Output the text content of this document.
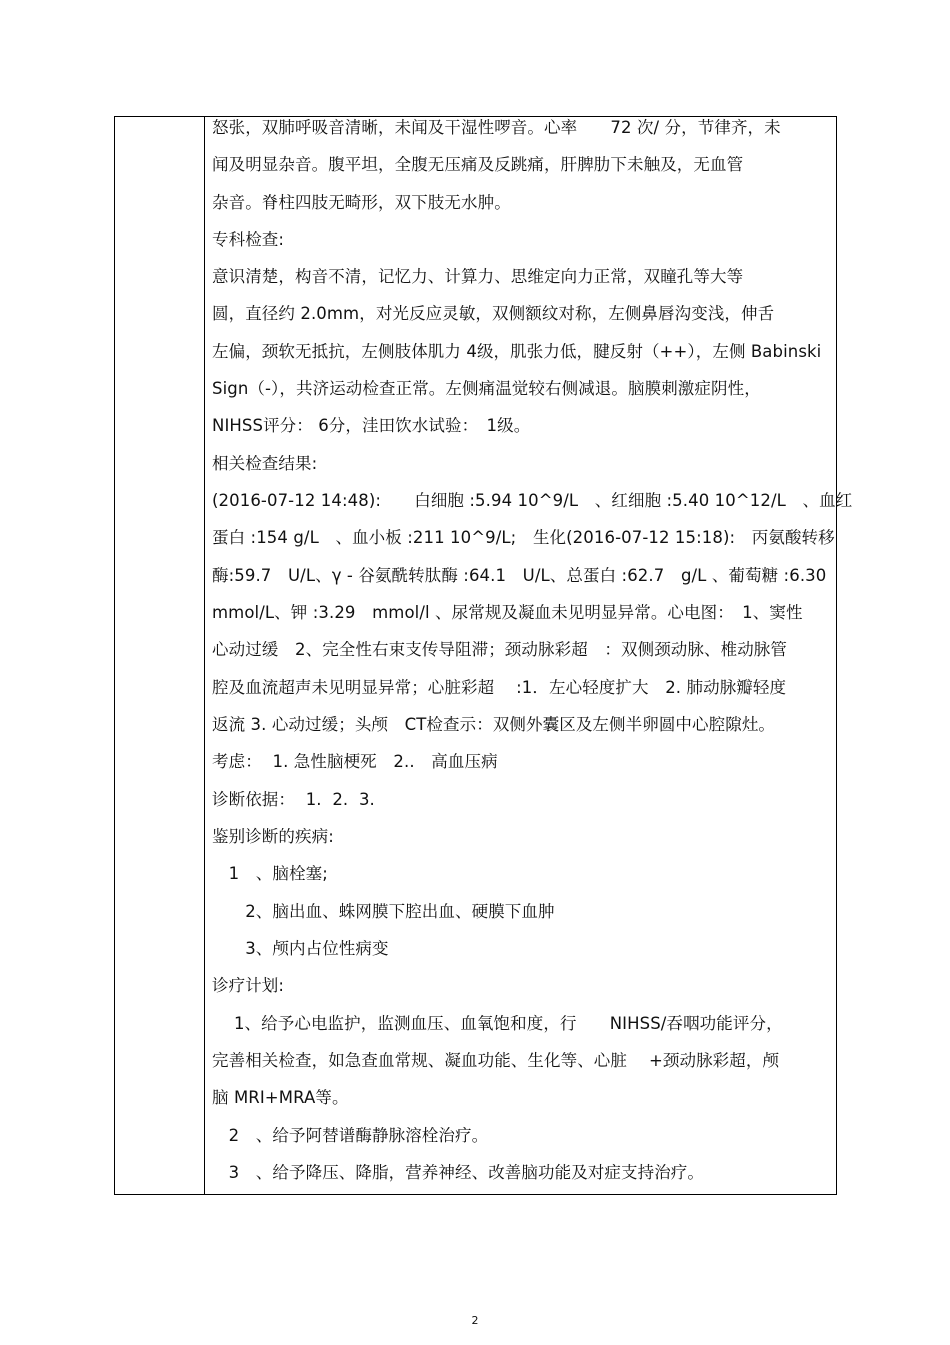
怒张，双肺呼吸音清晰，未闻及干湿性啰音。心率　　72 次/ 分，节律齐，未
闻及明显杂音。腹平坦，全腹无压痛及反跳痛，肝脾肋下未触及，无血管
杂音。脊柱四肢无畸形，双下肢无水肿。
专科检查:
意识清楚，构音不清，记忆力、计算力、思维定向力正常，双瞳孔等大等
圆，直径约 2.0mm，对光反应灵敏，双侧额纹对称，左侧鼻唇沟变浅，伸舌
左偏，颈软无抵抗，左侧肢体肌力 4级，肌张力低，腱反射（++），左侧 Babinski
Sign（-），共济运动检查正常。左侧痛温觉较右侧减退。脑膜刺激症阴性，
NIHSS评分： 6分，洼田饮水试验：　1级。
相关检查结果:
(2016-07-12 14:48):　　白细胞 :5.94 10^9/L　、红细胞 :5.40 10^12/L　、血红
蛋白 :154 g/L　、血小板 :211 10^9/L;　生化(2016-07-12 15:18):　丙氨酸转移
酶:59.7　U/L、γ - 谷氨酰转肽酶 :64.1　U/L、总蛋白 :62.7　g/L 、葡萄糖 :6.30
mmol/L、钾 :3.29　mmol/l 、尿常规及凝血未见明显异常。心电图：　1、窦性
心动过缓　2、完全性右束支传导阻滞；颈动脉彩超　：双侧颈动脉、椎动脉管
腔及血流超声未见明显异常；心脏彩超　 :1．左心轻度扩大　2. 肺动脉瓣轻度
返流 3. 心动过缓；头颅　CT检查示：双侧外囊区及左侧半卵圆中心腔隙灶。
考虑：  1. 急性脑梗死　2..　高血压病
诊断依据：  1.  2.  3.
鉴别诊断的疾病:
　1　、脑栓塞;
　　2、脑出血、蛛网膜下腔出血、硬膜下血肿
　　3、颅内占位性病变
诊疗计划:
　 1、给予心电监护，监测血压、血氧饱和度，行　　NIHSS/吞咽功能评分，
完善相关检查，如急查血常规、凝血功能、生化等、心脏　 +颈动脉彩超，颅
脑 MRI+MRA等。
　2　、给予阿替谱酶静脉溶栓治疗。
　3　、给予降压、降脂，营养神经、改善脑功能及对症支持治疗。
2
